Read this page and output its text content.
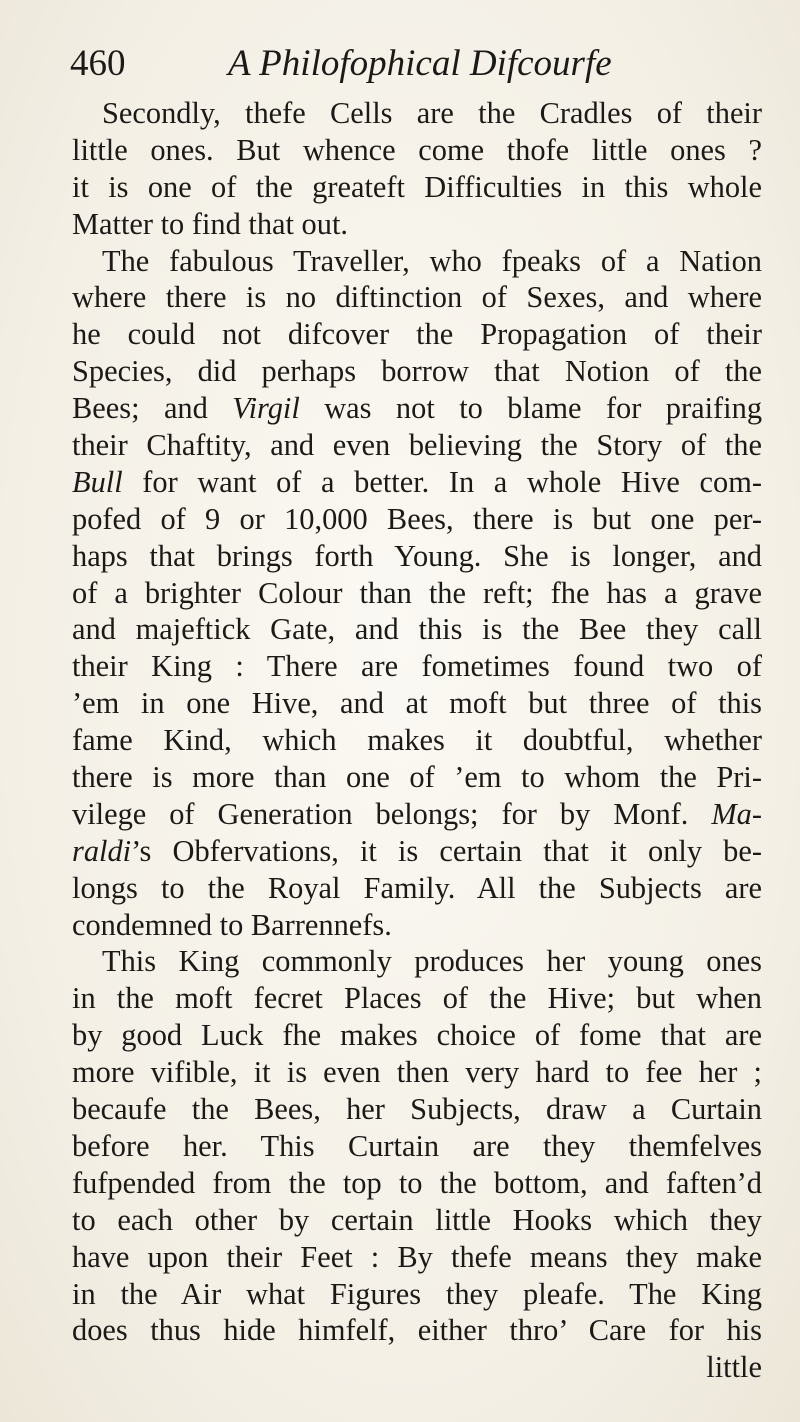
460	A Philofophical Difcourfe
Secondly, thefe Cells are the Cradles of their
little ones. But whence come thofe little ones ?
it is one of the greateft Difficulties in this whole
Matter to find that out.
The fabulous Traveller, who fpeaks of a Nation
where there is no diftinction of Sexes, and where
he could not difcover the Propagation of their
Species, did perhaps borrow that Notion of the
Bees; and Virgil was not to blame for praifing
their Chaftity, and even believing the Story of the
Bull for want of a better. In a whole Hive com-
pofed of 9 or 10,000 Bees, there is but one per-
haps that brings forth Young. She is longer, and
of a brighter Colour than the reft; fhe has a grave
and majeftick Gate, and this is the Bee they call
their King : There are fometimes found two of
’em in one Hive, and at moft but three of this
fame Kind, which makes it doubtful, whether
there is more than one of ’em to whom the Pri-
vilege of Generation belongs; for by Monf. Ma-
raldi’s Obfervations, it is certain that it only be-
longs to the Royal Family. All the Subjects are
condemned to Barrennefs.
This King commonly produces her young ones
in the moft fecret Places of the Hive; but when
by good Luck fhe makes choice of fome that are
more vifible, it is even then very hard to fee her ;
becaufe the Bees, her Subjects, draw a Curtain
before her. This Curtain are they themfelves
fufpended from the top to the bottom, and faften’d
to each other by certain little Hooks which they
have upon their Feet : By thefe means they make
in the Air what Figures they pleafe. The King
does thus hide himfelf, either thro’ Care for his
little
